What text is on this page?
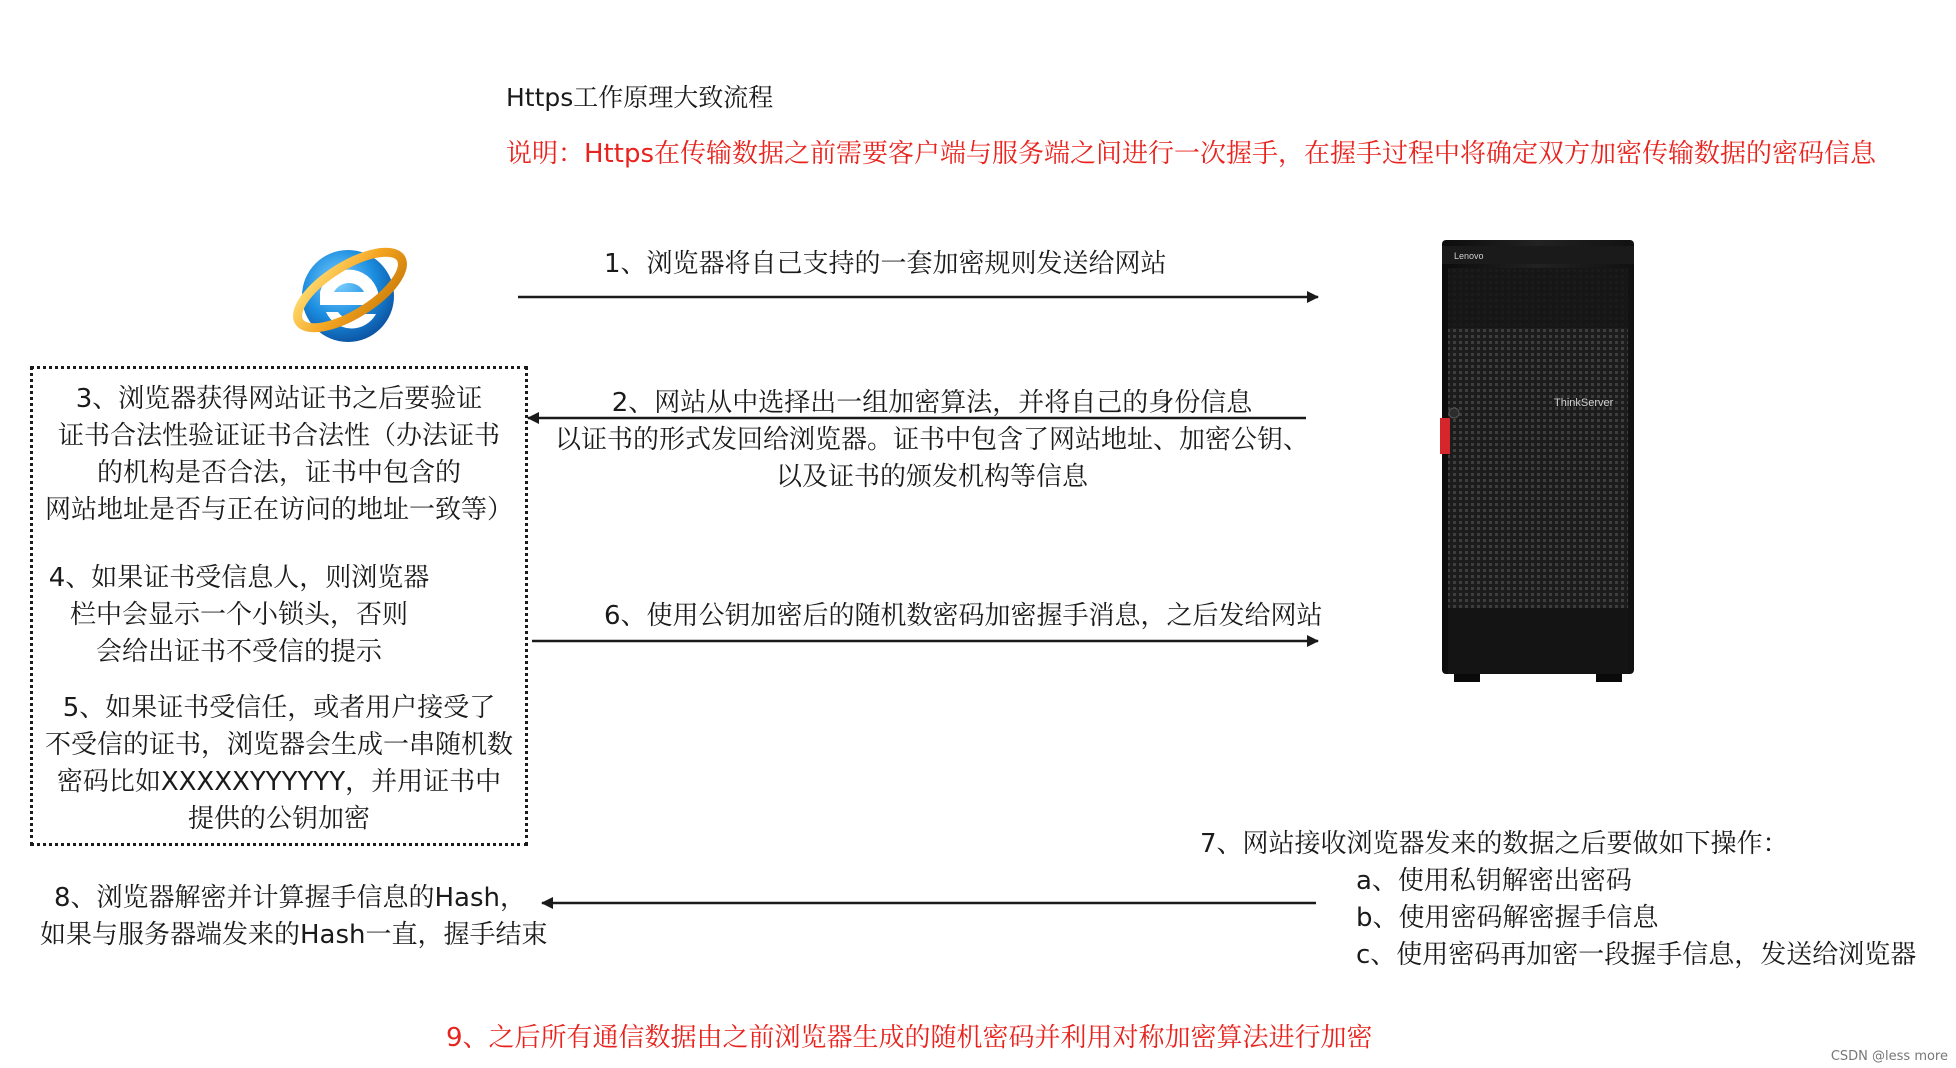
Https工作原理大致流程
说明：Https在传输数据之前需要客户端与服务端之间进行一次握手，在握手过程中将确定双方加密传输数据的密码信息
Lenovo
ThinkServer
1、浏览器将自己支持的一套加密规则发送给网站
2、网站从中选择出一组加密算法，并将自己的身份信息
以证书的形式发回给浏览器。证书中包含了网站地址、加密公钥、
以及证书的颁发机构等信息
3、浏览器获得网站证书之后要验证
证书合法性验证证书合法性（办法证书
的机构是否合法，证书中包含的
网站地址是否与正在访问的地址一致等）
4、如果证书受信息人，则浏览器
栏中会显示一个小锁头，否则
会给出证书不受信的提示
5、如果证书受信任，或者用户接受了
不受信的证书，浏览器会生成一串随机数
密码比如XXXXXYYYYYY，并用证书中
提供的公钥加密
6、使用公钥加密后的随机数密码加密握手消息，之后发给网站
7、网站接收浏览器发来的数据之后要做如下操作：
a、使用私钥解密出密码
b、使用密码解密握手信息
c、使用密码再加密一段握手信息，发送给浏览器
8、浏览器解密并计算握手信息的Hash，
如果与服务器端发来的Hash一直，握手结束
9、之后所有通信数据由之前浏览器生成的随机密码并利用对称加密算法进行加密
CSDN @less more
